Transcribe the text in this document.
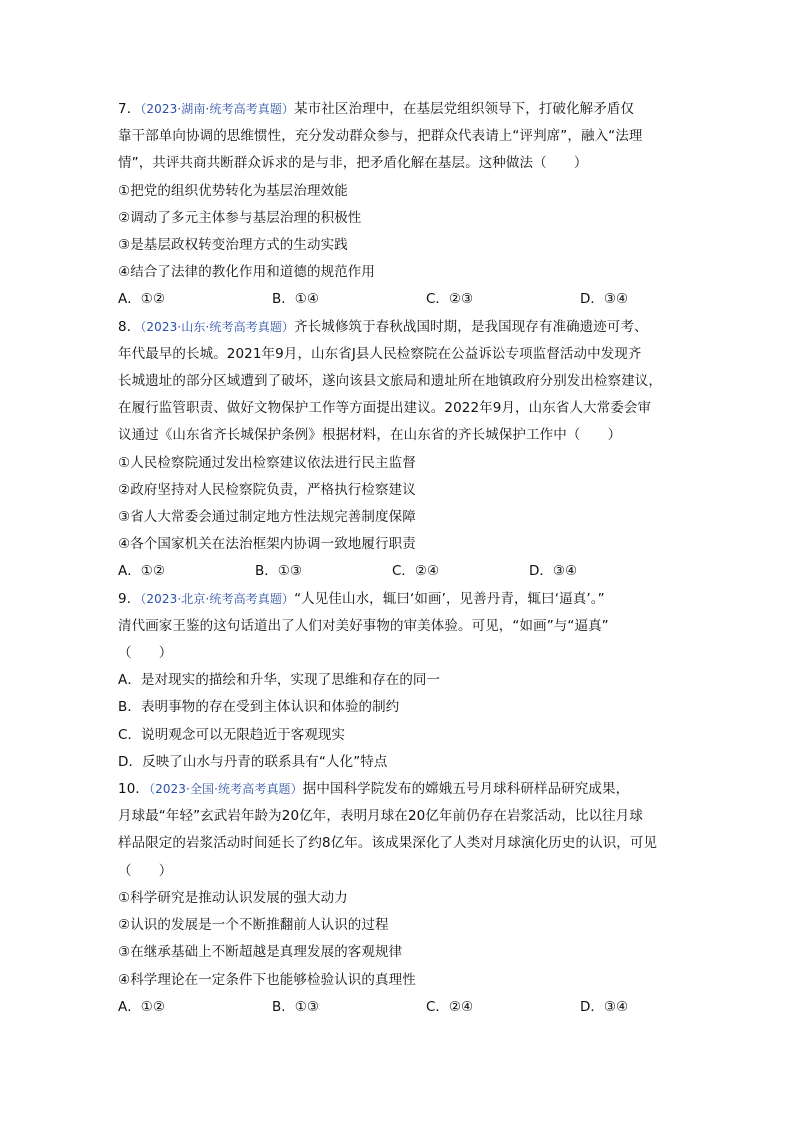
7．（2023·湖南·统考高考真题）某市社区治理中，在基层党组织领导下，打破化解矛盾仅
靠干部单向协调的思维惯性，充分发动群众参与，把群众代表请上“评判席”，融入“法理
情”，共评共商共断群众诉求的是与非，把矛盾化解在基层。这种做法（　　）
①把党的组织优势转化为基层治理效能
②调动了多元主体参与基层治理的积极性
③是基层政权转变治理方式的生动实践
④结合了法律的教化作用和道德的规范作用
A．①②	B．①④	C．②③	D．③④
8．（2023·山东·统考高考真题）齐长城修筑于春秋战国时期，是我国现存有准确遗迹可考、
年代最早的长城。2021年9月，山东省J县人民检察院在公益诉讼专项监督活动中发现齐
长城遗址的部分区域遭到了破坏，遂向该县文旅局和遗址所在地镇政府分别发出检察建议，
在履行监管职责、做好文物保护工作等方面提出建议。2022年9月，山东省人大常委会审
议通过《山东省齐长城保护条例》根据材料，在山东省的齐长城保护工作中（　　）
①人民检察院通过发出检察建议依法进行民主监督
②政府坚持对人民检察院负责，严格执行检察建议
③省人大常委会通过制定地方性法规完善制度保障
④各个国家机关在法治框架内协调一致地履行职责
A．①②	B．①③	C．②④	D．③④
9．（2023·北京·统考高考真题）“人见佳山水，辄曰‘如画’，见善丹青，辄曰‘逼真’。”
清代画家王鉴的这句话道出了人们对美好事物的审美体验。可见，“如画”与“逼真”
（　　）
A．是对现实的描绘和升华，实现了思维和存在的同一
B．表明事物的存在受到主体认识和体验的制约
C．说明观念可以无限趋近于客观现实
D．反映了山水与丹青的联系具有“人化”特点
10．（2023·全国·统考高考真题）据中国科学院发布的嫦娥五号月球科研样品研究成果，
月球最“年轻”玄武岩年龄为20亿年，表明月球在20亿年前仍存在岩浆活动，比以往月球
样品限定的岩浆活动时间延长了约8亿年。该成果深化了人类对月球演化历史的认识，可见
（　　）
①科学研究是推动认识发展的强大动力
②认识的发展是一个不断推翻前人认识的过程
③在继承基础上不断超越是真理发展的客观规律
④科学理论在一定条件下也能够检验认识的真理性
A．①②	B．①③	C．②④	D．③④
